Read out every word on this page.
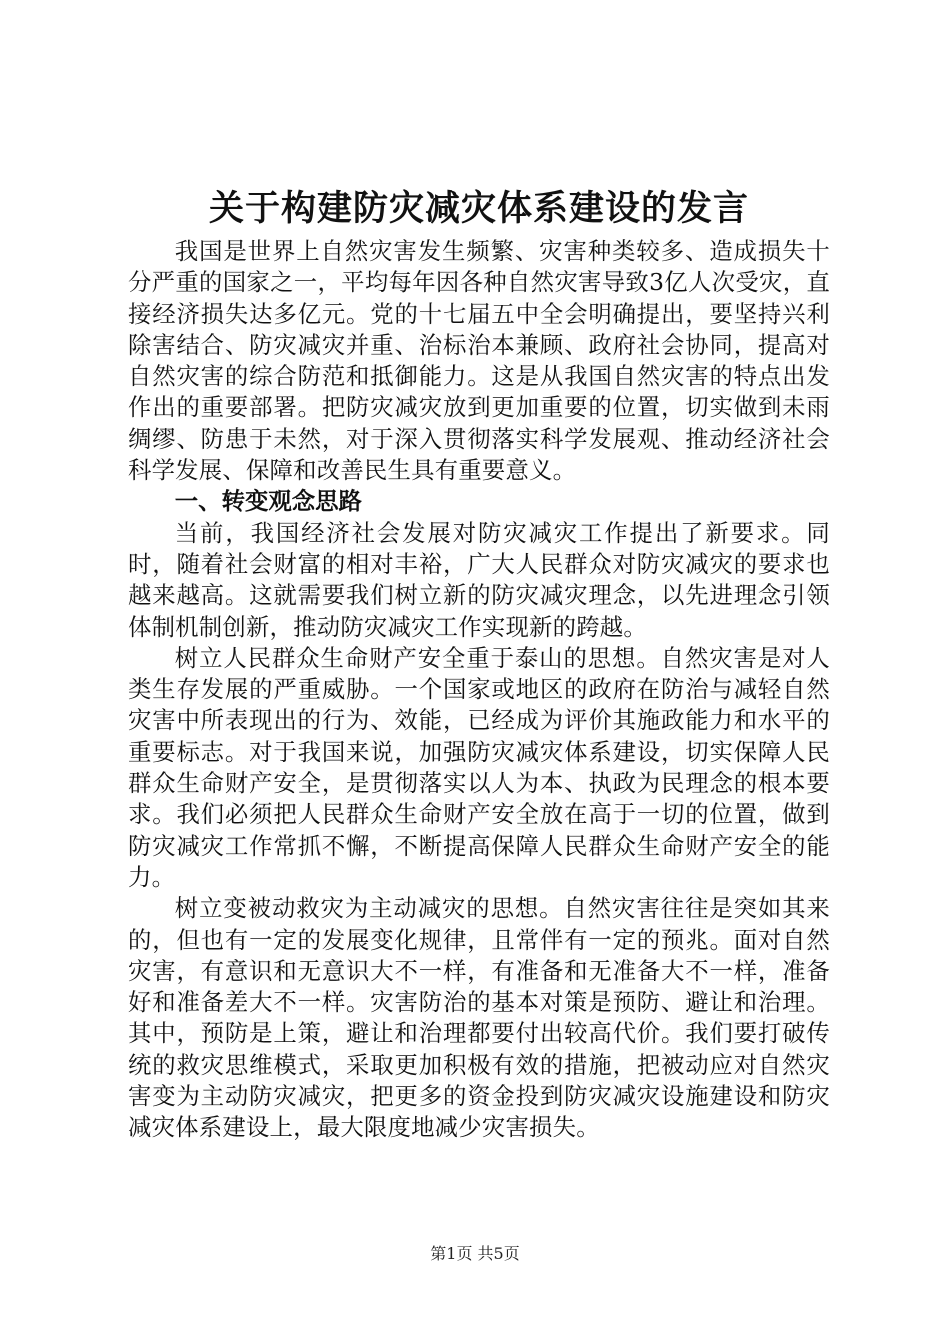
关于构建防灾减灾体系建设的发言

我国是世界上自然灾害发生频繁、灾害种类较多、造成损失十分严重的国家之一，平均每年因各种自然灾害导致3亿人次受灾，直接经济损失达多亿元。党的十七届五中全会明确提出，要坚持兴利除害结合、防灾减灾并重、治标治本兼顾、政府社会协同，提高对自然灾害的综合防范和抵御能力。这是从我国自然灾害的特点出发作出的重要部署。把防灾减灾放到更加重要的位置，切实做到未雨绸缪、防患于未然，对于深入贯彻落实科学发展观、推动经济社会科学发展、保障和改善民生具有重要意义。

一、转变观念思路

当前，我国经济社会发展对防灾减灾工作提出了新要求。同时，随着社会财富的相对丰裕，广大人民群众对防灾减灾的要求也越来越高。这就需要我们树立新的防灾减灾理念，以先进理念引领体制机制创新，推动防灾减灾工作实现新的跨越。

树立人民群众生命财产安全重于泰山的思想。自然灾害是对人类生存发展的严重威胁。一个国家或地区的政府在防治与减轻自然灾害中所表现出的行为、效能，已经成为评价其施政能力和水平的重要标志。对于我国来说，加强防灾减灾体系建设，切实保障人民群众生命财产安全，是贯彻落实以人为本、执政为民理念的根本要求。我们必须把人民群众生命财产安全放在高于一切的位置，做到防灾减灾工作常抓不懈，不断提高保障人民群众生命财产安全的能力。

树立变被动救灾为主动减灾的思想。自然灾害往往是突如其来的，但也有一定的发展变化规律，且常伴有一定的预兆。面对自然灾害，有意识和无意识大不一样，有准备和无准备大不一样，准备好和准备差大不一样。灾害防治的基本对策是预防、避让和治理。其中，预防是上策，避让和治理都要付出较高代价。我们要打破传统的救灾思维模式，采取更加积极有效的措施，把被动应对自然灾害变为主动防灾减灾，把更多的资金投到防灾减灾设施建设和防灾减灾体系建设上，最大限度地减少灾害损失。

第1页 共5页
